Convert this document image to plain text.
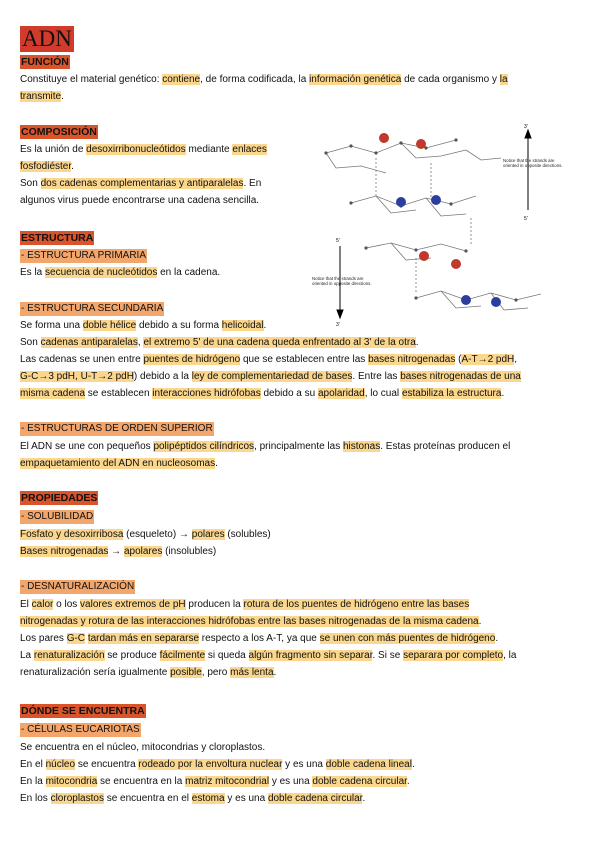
ADN
FUNCIÓN
Constituye el material genético: contiene, de forma codificada, la información genética de cada organismo y la
transmite.
COMPOSICIÓN
Es la unión de desoxirribonucleótidos mediante enlaces
fosfodiéster.
Son dos cadenas complementarias y antiparalelas. En
algunos virus puede encontrarse una cadena sencilla.
3'
5'
5'
3'
Notice that the strands are oriented in opposite directions.
Notice that the strands are oriented in opposite directions.
ESTRUCTURA
- ESTRUCTURA PRIMARIA
Es la secuencia de nucleótidos en la cadena.
- ESTRUCTURA SECUNDARIA
Se forma una doble hélice debido a su forma helicoidal.
Son cadenas antiparalelas, el extremo 5' de una cadena queda enfrentado al 3' de la otra.
Las cadenas se unen entre puentes de hidrógeno que se establecen entre las bases nitrogenadas (A-T→2 pdH,
G-C→3 pdH, U-T→2 pdH) debido a la ley de complementariedad de bases. Entre las bases nitrogenadas de una
misma cadena se establecen interacciones hidrófobas debido a su apolaridad, lo cual estabiliza la estructura.
- ESTRUCTURAS DE ORDEN SUPERIOR
El ADN se une con pequeños polipéptidos cilíndricos, principalmente las histonas. Estas proteínas producen el
empaquetamiento del ADN en nucleosomas.
PROPIEDADES
- SOLUBILIDAD
Fosfato y desoxirribosa (esqueleto) → polares (solubles)
Bases nitrogenadas → apolares (insolubles)
- DESNATURALIZACIÓN
El calor o los valores extremos de pH producen la rotura de los puentes de hidrógeno entre las bases
nitrogenadas y rotura de las interacciones hidrófobas entre las bases nitrogenadas de la misma cadena.
Los pares G-C tardan más en separarse respecto a los A-T, ya que se unen con más puentes de hidrógeno.
La renaturalización se produce fácilmente si queda algún fragmento sin separar. Si se separara por completo, la
renaturalización sería igualmente posible, pero más lenta.
DÓNDE SE ENCUENTRA
- CÉLULAS EUCARIOTAS
Se encuentra en el núcleo, mitocondrias y cloroplastos.
En el núcleo se encuentra rodeado por la envoltura nuclear y es una doble cadena lineal.
En la mitocondria se encuentra en la matriz mitocondrial y es una doble cadena circular.
En los cloroplastos se encuentra en el estoma y es una doble cadena circular.
